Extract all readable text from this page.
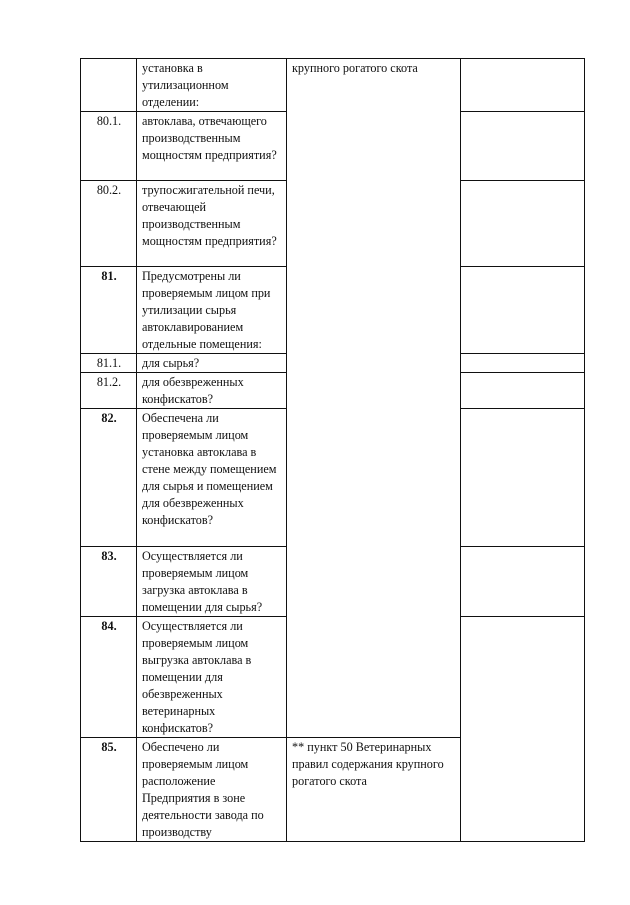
	установка в утилизационном отделении:	крупного рогатого скота	
80.1.	автоклава, отвечающего производственным мощностям предприятия?		
80.2.	трупосжигательной печи, отвечающей производственным мощностям предприятия?		
81.	Предусмотрены ли проверяемым лицом при утилизации сырья автоклавированием отдельные помещения:		
81.1.	для сырья?		
81.2.	для обезвреженных конфискатов?		
82.	Обеспечена ли проверяемым лицом установка автоклава в стене между помещением для сырья и помещением для обезвреженных конфискатов?		
83.	Осуществляется ли проверяемым лицом загрузка автоклава в помещении для сырья?		
84.	Осуществляется ли проверяемым лицом выгрузка автоклава в помещении для обезвреженных ветеринарных конфискатов?		
85.	Обеспечено ли проверяемым лицом расположение Предприятия в зоне деятельности завода по производству	** пункт 50 Ветеринарных правил содержания крупного рогатого скота	
